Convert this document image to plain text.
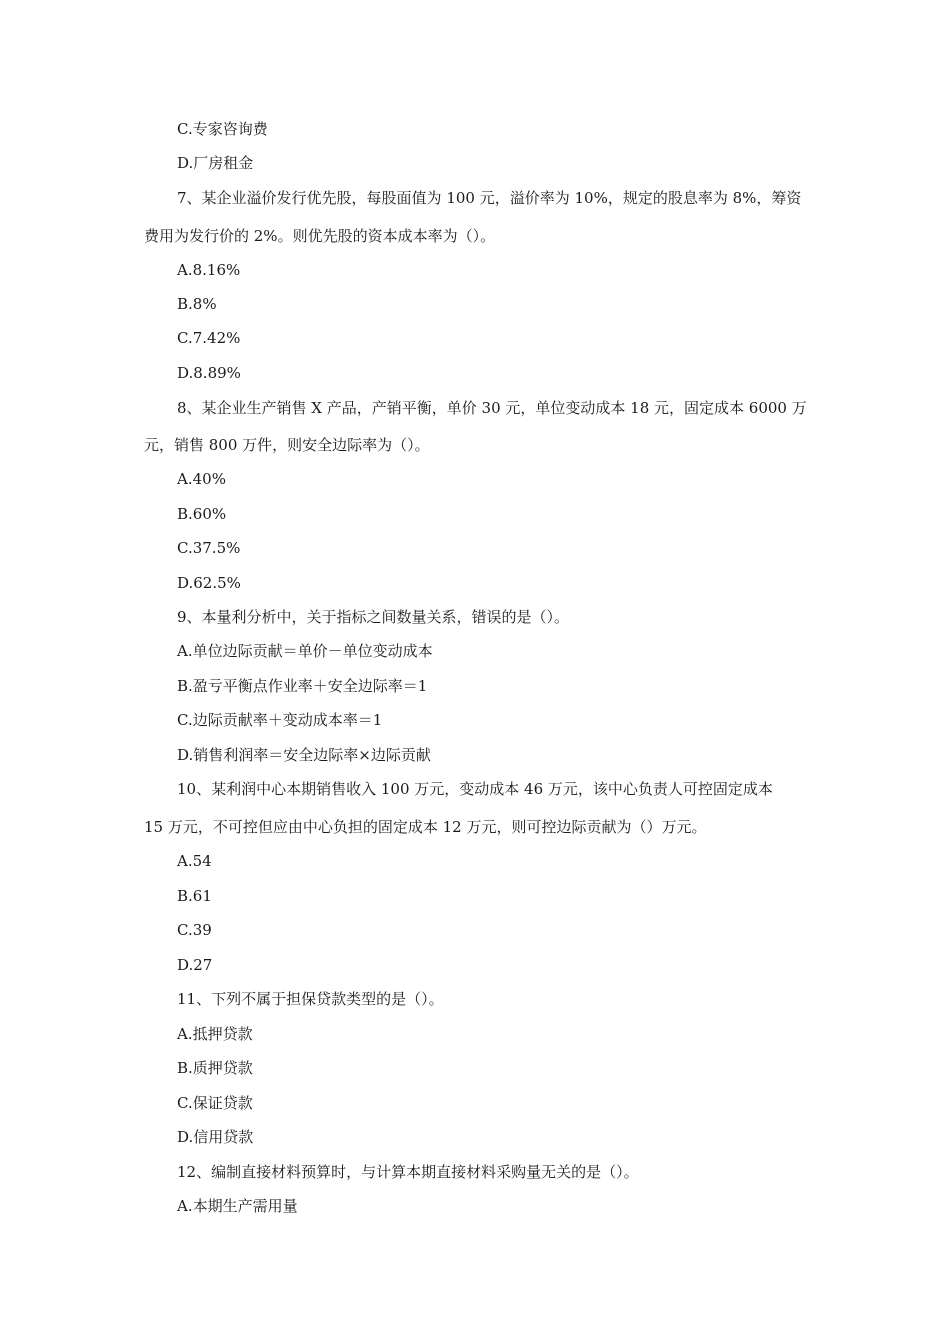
C.专家咨询费
D.厂房租金
7、某企业溢价发行优先股，每股面值为 100 元，溢价率为 10%，规定的股息率为 8%，筹资
费用为发行价的 2%。则优先股的资本成本率为（）。
A.8.16%
B.8%
C.7.42%
D.8.89%
8、某企业生产销售 X 产品，产销平衡，单价 30 元，单位变动成本 18 元，固定成本 6000 万
元，销售 800 万件，则安全边际率为（）。
A.40%
B.60%
C.37.5%
D.62.5%
9、本量利分析中，关于指标之间数量关系，错误的是（）。
A.单位边际贡献＝单价－单位变动成本
B.盈亏平衡点作业率＋安全边际率＝1
C.边际贡献率＋变动成本率＝1
D.销售利润率＝安全边际率×边际贡献
10、某利润中心本期销售收入 100 万元，变动成本 46 万元，该中心负责人可控固定成本
15 万元，不可控但应由中心负担的固定成本 12 万元，则可控边际贡献为（）万元。
A.54
B.61
C.39
D.27
11、下列不属于担保贷款类型的是（）。
A.抵押贷款
B.质押贷款
C.保证贷款
D.信用贷款
12、编制直接材料预算时，与计算本期直接材料采购量无关的是（）。
A.本期生产需用量
